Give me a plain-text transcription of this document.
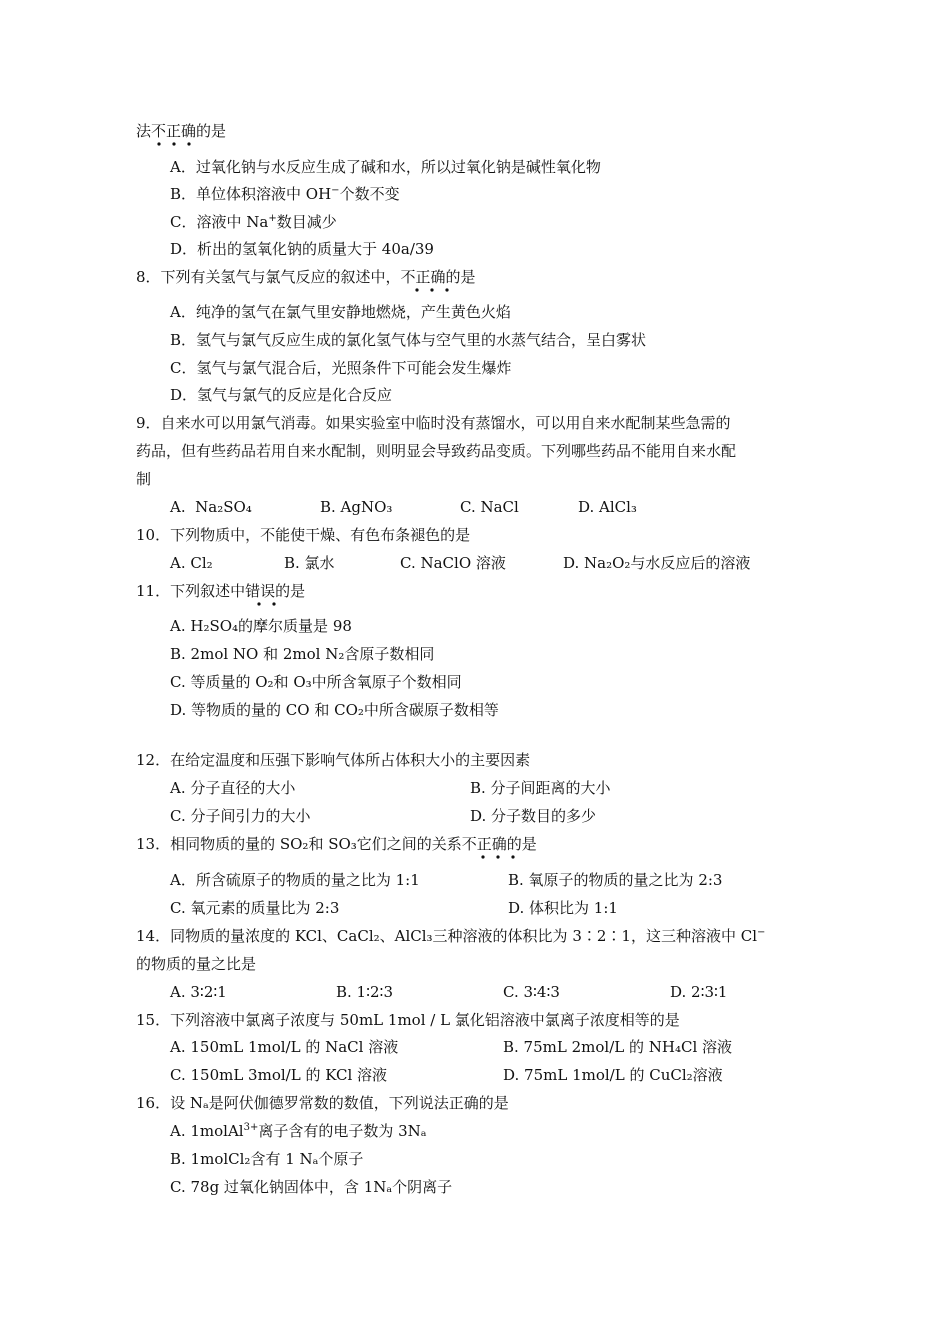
法不正确的是
A．过氧化钠与水反应生成了碱和水，所以过氧化钠是碱性氧化物
B．单位体积溶液中 OH−个数不变
C．溶液中 Na+数目减少
D．析出的氢氧化钠的质量大于 40a/39
8．下列有关氢气与氯气反应的叙述中，不正确的是
A．纯净的氢气在氯气里安静地燃烧，产生黄色火焰
B．氢气与氯气反应生成的氯化氢气体与空气里的水蒸气结合，呈白雾状
C．氢气与氯气混合后，光照条件下可能会发生爆炸
D．氢气与氯气的反应是化合反应
9．自来水可以用氯气消毒。如果实验室中临时没有蒸馏水，可以用自来水配制某些急需的
药品，但有些药品若用自来水配制，则明显会导致药品变质。下列哪些药品不能用自来水配
制
A.  Na₂SO₄	B. AgNO₃	C. NaCl	D. AlCl₃
10．下列物质中，不能使干燥、有色布条褪色的是
A. Cl₂	B. 氯水	C. NaClO 溶液	D. Na₂O₂与水反应后的溶液
11．下列叙述中错误的是
A. H₂SO₄的摩尔质量是 98
B. 2mol NO 和 2mol N₂含原子数相同
C. 等质量的 O₂和 O₃中所含氧原子个数相同
D. 等物质的量的 CO 和 CO₂中所含碳原子数相等
12．在给定温度和压强下影响气体所占体积大小的主要因素
A. 分子直径的大小	B. 分子间距离的大小
C. 分子间引力的大小	D. 分子数目的多少
13．相同物质的量的 SO₂和 SO₃它们之间的关系不正确的是
A．所含硫原子的物质的量之比为 1:1	B. 氧原子的物质的量之比为 2:3
C. 氧元素的质量比为 2:3	D. 体积比为 1:1
14．同物质的量浓度的 KCl、CaCl₂、AlCl₃三种溶液的体积比为 3∶2∶1，这三种溶液中 Cl−
的物质的量之比是
A. 3∶2∶1	B. 1∶2∶3	C. 3∶4∶3	D. 2∶3∶1
15．下列溶液中氯离子浓度与 50mL 1mol / L 氯化铝溶液中氯离子浓度相等的是
A. 150mL 1mol/L 的 NaCl 溶液	B. 75mL 2mol/L 的 NH₄Cl 溶液
C. 150mL 3mol/L 的 KCl 溶液	D. 75mL 1mol/L 的 CuCl₂溶液
16．设 Nₐ是阿伏伽德罗常数的数值，下列说法正确的是
A. 1molAl$^{3+}$离子含有的电子数为 3Nₐ
B. 1molCl₂含有 1 Nₐ个原子
C. 78g 过氧化钠固体中，含 1Nₐ个阴离子
